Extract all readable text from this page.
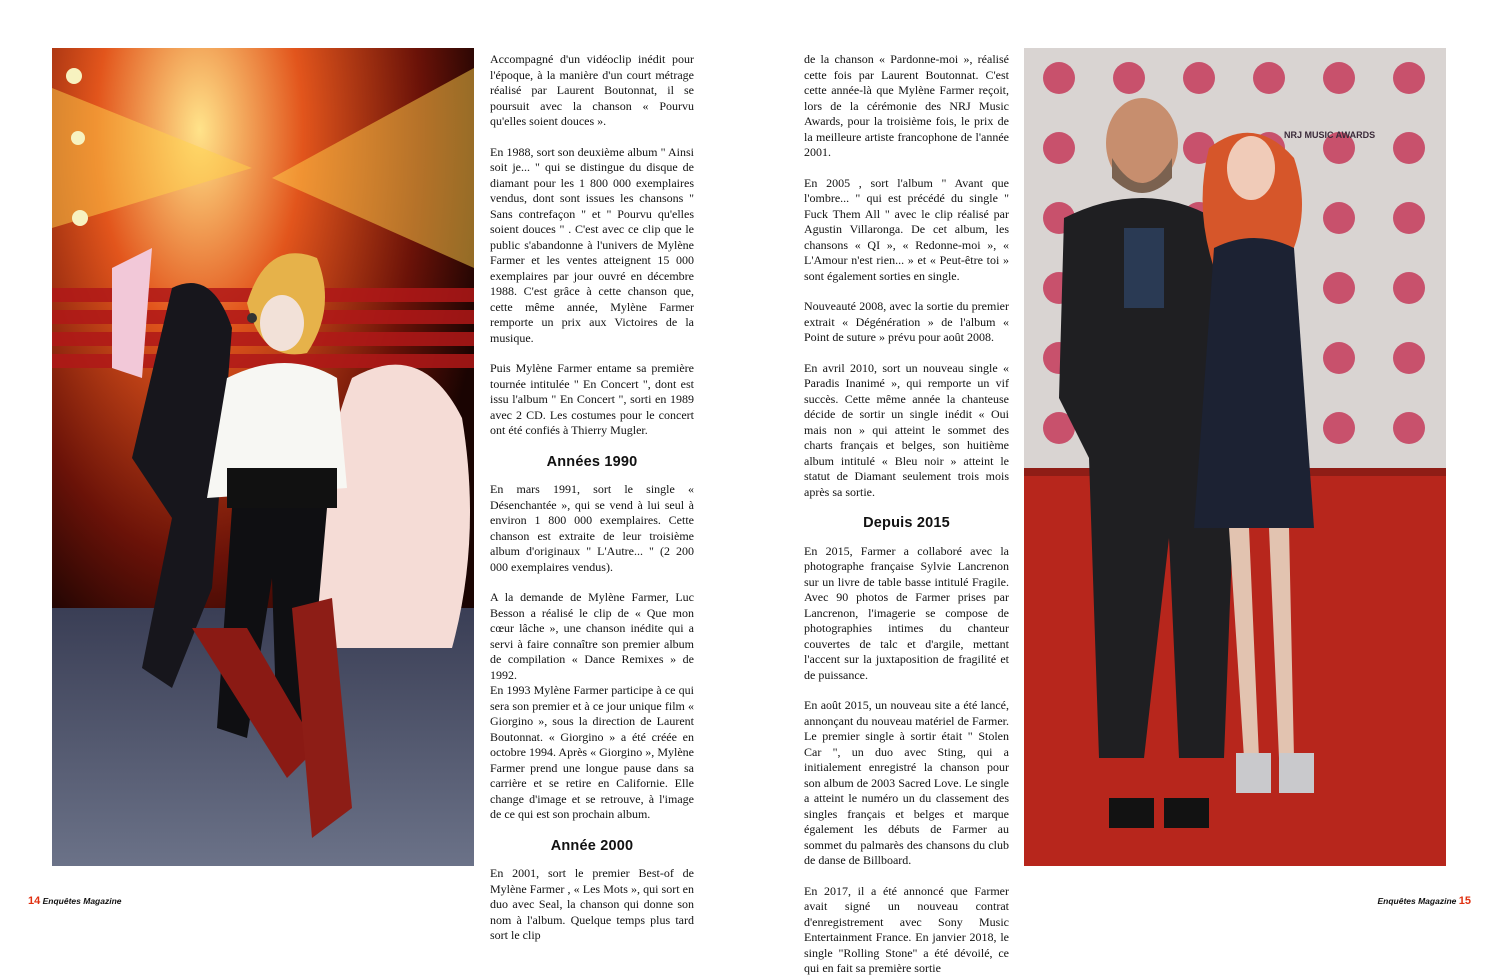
Accompagné d'un vidéoclip inédit pour l'époque, à la manière d'un court métrage réalisé par Laurent Boutonnat, il se poursuit avec la chanson « Pourvu qu'elles soient douces ».

En 1988, sort son deuxième album " Ainsi soit je... " qui se distingue du disque de diamant pour les 1 800 000 exemplaires vendus, dont sont issues les chansons " Sans contrefaçon " et " Pourvu qu'elles soient douces " . C'est avec ce clip que le public s'abandonne à l'univers de Mylène Farmer et les ventes atteignent 15 000 exemplaires par jour ouvré en décembre 1988. C'est grâce à cette chanson que, cette même année, Mylène Farmer remporte un prix aux Victoires de la musique.

Puis Mylène Farmer entame sa première tournée intitulée " En Concert ", dont est issu l'album " En Concert ", sorti en 1989 avec 2 CD. Les costumes pour le concert ont été confiés à Thierry Mugler.

Années 1990

En mars 1991, sort le single « Désenchantée », qui se vend à lui seul à environ 1 800 000 exemplaires. Cette chanson est extraite de leur troisième album d'originaux " L'Autre... " (2 200 000 exemplaires vendus).

A la demande de Mylène Farmer, Luc Besson a réalisé le clip de « Que mon cœur lâche », une chanson inédite qui a servi à faire connaître son premier album de compilation « Dance Remixes » de 1992.

En 1993 Mylène Farmer participe à ce qui sera son premier et à ce jour unique film « Giorgino », sous la direction de Laurent Boutonnat. « Giorgino » a été créée en octobre 1994. Après « Giorgino », Mylène Farmer prend une longue pause dans sa carrière et se retire en Californie. Elle change d'image et se retrouve, à l'image de ce qui est son prochain album.

Année 2000

En 2001, sort le premier Best-of de Mylène Farmer , « Les Mots », qui sort en duo avec Seal, la chanson qui donne son nom à l'album. Quelque temps plus tard sort le clip

de la chanson « Pardonne-moi », réalisé cette fois par Laurent Boutonnat. C'est cette année-là que Mylène Farmer reçoit, lors de la cérémonie des NRJ Music Awards, pour la troisième fois, le prix de la meilleure artiste francophone de l'année 2001.

En 2005 , sort l'album " Avant que l'ombre... " qui est précédé du single " Fuck Them All " avec le clip réalisé par Agustin Villaronga. De cet album, les chansons « QI », « Redonne-moi », « L'Amour n'est rien... » et « Peut-être toi » sont également sorties en single.

Nouveauté 2008, avec la sortie du premier extrait « Dégénération » de l'album « Point de suture » prévu pour août 2008.

En avril 2010, sort un nouveau single « Paradis Inanimé », qui remporte un vif succès. Cette même année la chanteuse décide de sortir un single inédit « Oui mais non » qui atteint le sommet des charts français et belges, son huitième album intitulé « Bleu noir » atteint le statut de Diamant seulement trois mois après sa sortie.

Depuis 2015

En 2015, Farmer a collaboré avec la photographe française Sylvie Lancrenon sur un livre de table basse intitulé Fragile. Avec 90 photos de Farmer prises par Lancrenon, l'imagerie se compose de photographies intimes du chanteur couvertes de talc et d'argile, mettant l'accent sur la juxtaposition de fragilité et de puissance.

En août 2015, un nouveau site a été lancé, annonçant du nouveau matériel de Farmer. Le premier single à sortir était " Stolen Car ", un duo avec Sting, qui a initialement enregistré la chanson pour son album de 2003 Sacred Love. Le single a atteint le numéro un du classement des singles français et belges et marque également les débuts de Farmer au sommet du palmarès des chansons du club de danse de Billboard.

En 2017, il a été annoncé que Farmer avait signé un nouveau contrat d'enregistrement avec Sony Music Entertainment France. En janvier 2018, le single "Rolling Stone" a été dévoilé, ce qui en fait sa première sortie

NRJ MUSIC AWARDS
14 Enquêtes Magazine	Enquêtes Magazine 15
